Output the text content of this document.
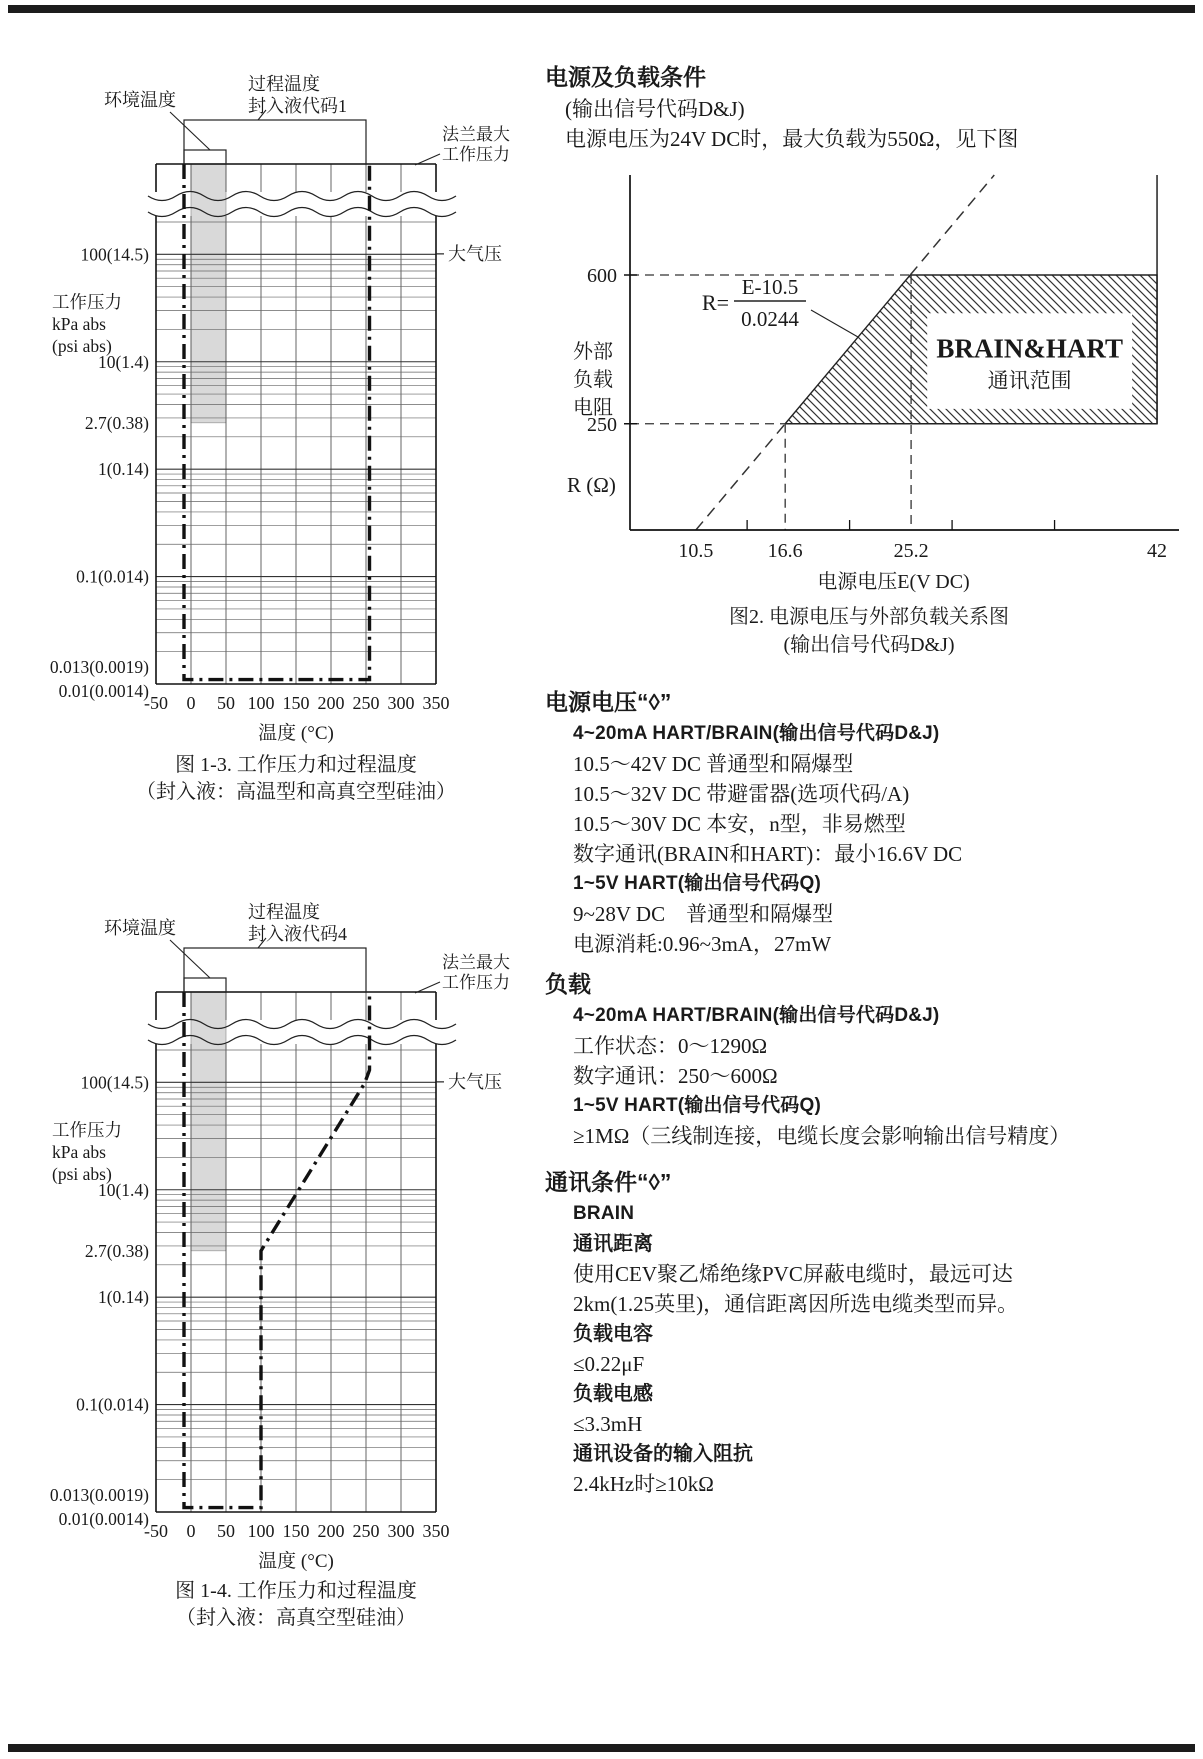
过程温度
封入液代码1
环境温度
法兰最大
工作压力
大气压
100(14.5)
10(1.4)
2.7(0.38)
1(0.14)
0.1(0.014)
0.013(0.0019)
0.01(0.0014)
-50 0 50 100 150 200 250 300 350
温度 (°C)
工作压力
kPa abs
(psi abs)
图 1-3. 工作压力和过程温度
（封入液：高温型和高真空型硅油）
过程温度
封入液代码4
环境温度
法兰最大
工作压力
大气压
100(14.5)
10(1.4)
2.7(0.38)
1(0.14)
0.1(0.014)
0.013(0.0019)
0.01(0.0014)
-50 0 50 100 150 200 250 300 350
温度 (°C)
工作压力
kPa abs
(psi abs)
图 1-4. 工作压力和过程温度
（封入液：高真空型硅油）
电源及负载条件
(输出信号代码D&J)
电源电压为24V DC时，最大负载为550Ω，见下图
BRAIN&HART
通讯范围
250
600
10.5	16.6	25.2	42
电源电压E(V DC)
外部
负载
电阻
R (Ω)
R=
E-10.5
0.0244
图2. 电源电压与外部负载关系图
(输出信号代码D&J)
电源电压“◊”
4~20mA HART/BRAIN(输出信号代码D&J)
10.5～42V DC 普通型和隔爆型
10.5～32V DC 带避雷器(选项代码/A)
10.5～30V DC 本安，n型，非易燃型
数字通讯(BRAIN和HART)：最小16.6V DC
1~5V HART(输出信号代码Q)
9~28V DC　普通型和隔爆型
电源消耗:0.96~3mA，27mW
负载
4~20mA HART/BRAIN(输出信号代码D&J)
工作状态：0～1290Ω
数字通讯：250～600Ω
1~5V HART(输出信号代码Q)
≥1MΩ（三线制连接，电缆长度会影响输出信号精度）
通讯条件“◊”
BRAIN
通讯距离
使用CEV聚乙烯绝缘PVC屏蔽电缆时，最远可达
2km(1.25英里)，通信距离因所选电缆类型而异。
负载电容
≤0.22μF
负载电感
≤3.3mH
通讯设备的输入阻抗
2.4kHz时≥10kΩ
